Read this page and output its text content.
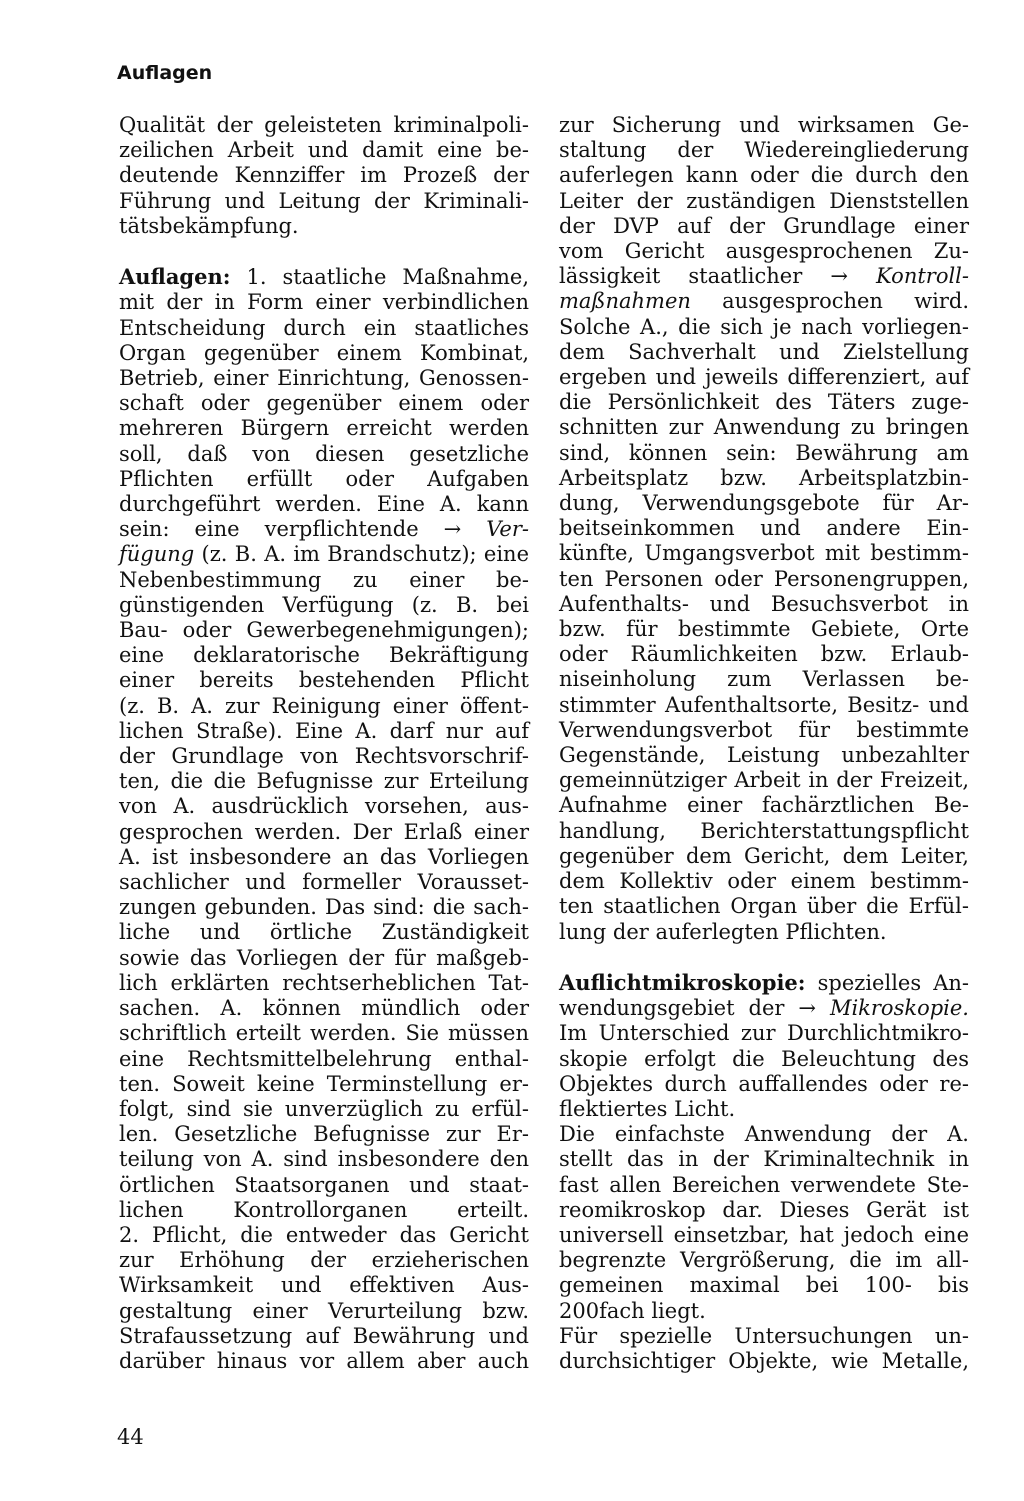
Auflagen

Qualität der geleisteten kriminalpoli-
zeilichen Arbeit und damit eine be-
deutende Kennziffer im Prozeß der
Führung und Leitung der Kriminali-
tätsbekämpfung.

Auflagen: 1. staatliche Maßnahme,
mit der in Form einer verbindlichen
Entscheidung durch ein staatliches
Organ gegenüber einem Kombinat,
Betrieb, einer Einrichtung, Genossen-
schaft oder gegenüber einem oder
mehreren Bürgern erreicht werden
soll, daß von diesen gesetzliche
Pflichten erfüllt oder Aufgaben
durchgeführt werden. Eine A. kann
sein: eine verpflichtende → Ver-
fügung (z. B. A. im Brandschutz); eine
Nebenbestimmung zu einer be-
günstigenden Verfügung (z. B. bei
Bau- oder Gewerbegenehmigungen);
eine deklaratorische Bekräftigung
einer bereits bestehenden Pflicht
(z. B. A. zur Reinigung einer öffent-
lichen Straße). Eine A. darf nur auf
der Grundlage von Rechtsvorschrif-
ten, die die Befugnisse zur Erteilung
von A. ausdrücklich vorsehen, aus-
gesprochen werden. Der Erlaß einer
A. ist insbesondere an das Vorliegen
sachlicher und formeller Vorausset-
zungen gebunden. Das sind: die sach-
liche und örtliche Zuständigkeit
sowie das Vorliegen der für maßgeb-
lich erklärten rechtserheblichen Tat-
sachen. A. können mündlich oder
schriftlich erteilt werden. Sie müssen
eine Rechtsmittelbelehrung enthal-
ten. Soweit keine Terminstellung er-
folgt, sind sie unverzüglich zu erfül-
len. Gesetzliche Befugnisse zur Er-
teilung von A. sind insbesondere den
örtlichen Staatsorganen und staat-
lichen Kontrollorganen erteilt.
2. Pflicht, die entweder das Gericht
zur Erhöhung der erzieherischen
Wirksamkeit und effektiven Aus-
gestaltung einer Verurteilung bzw.
Strafaussetzung auf Bewährung und
darüber hinaus vor allem aber auch

zur Sicherung und wirksamen Ge-
staltung der Wiedereingliederung
auferlegen kann oder die durch den
Leiter der zuständigen Dienststellen
der DVP auf der Grundlage einer
vom Gericht ausgesprochenen Zu-
lässigkeit staatlicher → Kontroll-
maßnahmen ausgesprochen wird.
Solche A., die sich je nach vorliegen-
dem Sachverhalt und Zielstellung
ergeben und jeweils differenziert, auf
die Persönlichkeit des Täters zuge-
schnitten zur Anwendung zu bringen
sind, können sein: Bewährung am
Arbeitsplatz bzw. Arbeitsplatzbin-
dung, Verwendungsgebote für Ar-
beitseinkommen und andere Ein-
künfte, Umgangsverbot mit bestimm-
ten Personen oder Personengruppen,
Aufenthalts- und Besuchsverbot in
bzw. für bestimmte Gebiete, Orte
oder Räumlichkeiten bzw. Erlaub-
niseinholung zum Verlassen be-
stimmter Aufenthaltsorte, Besitz- und
Verwendungsverbot für bestimmte
Gegenstände, Leistung unbezahlter
gemeinnütziger Arbeit in der Freizeit,
Aufnahme einer fachärztlichen Be-
handlung, Berichterstattungspflicht
gegenüber dem Gericht, dem Leiter,
dem Kollektiv oder einem bestimm-
ten staatlichen Organ über die Erfül-
lung der auferlegten Pflichten.

Auflichtmikroskopie: spezielles An-
wendungsgebiet der → Mikroskopie.
Im Unterschied zur Durchlichtmikro-
skopie erfolgt die Beleuchtung des
Objektes durch auffallendes oder re-
flektiertes Licht.

Die einfachste Anwendung der A.
stellt das in der Kriminaltechnik in
fast allen Bereichen verwendete Ste-
reomikroskop dar. Dieses Gerät ist
universell einsetzbar, hat jedoch eine
begrenzte Vergrößerung, die im all-
gemeinen maximal bei 100- bis
200fach liegt.

Für spezielle Untersuchungen un-
durchsichtiger Objekte, wie Metalle,

44
